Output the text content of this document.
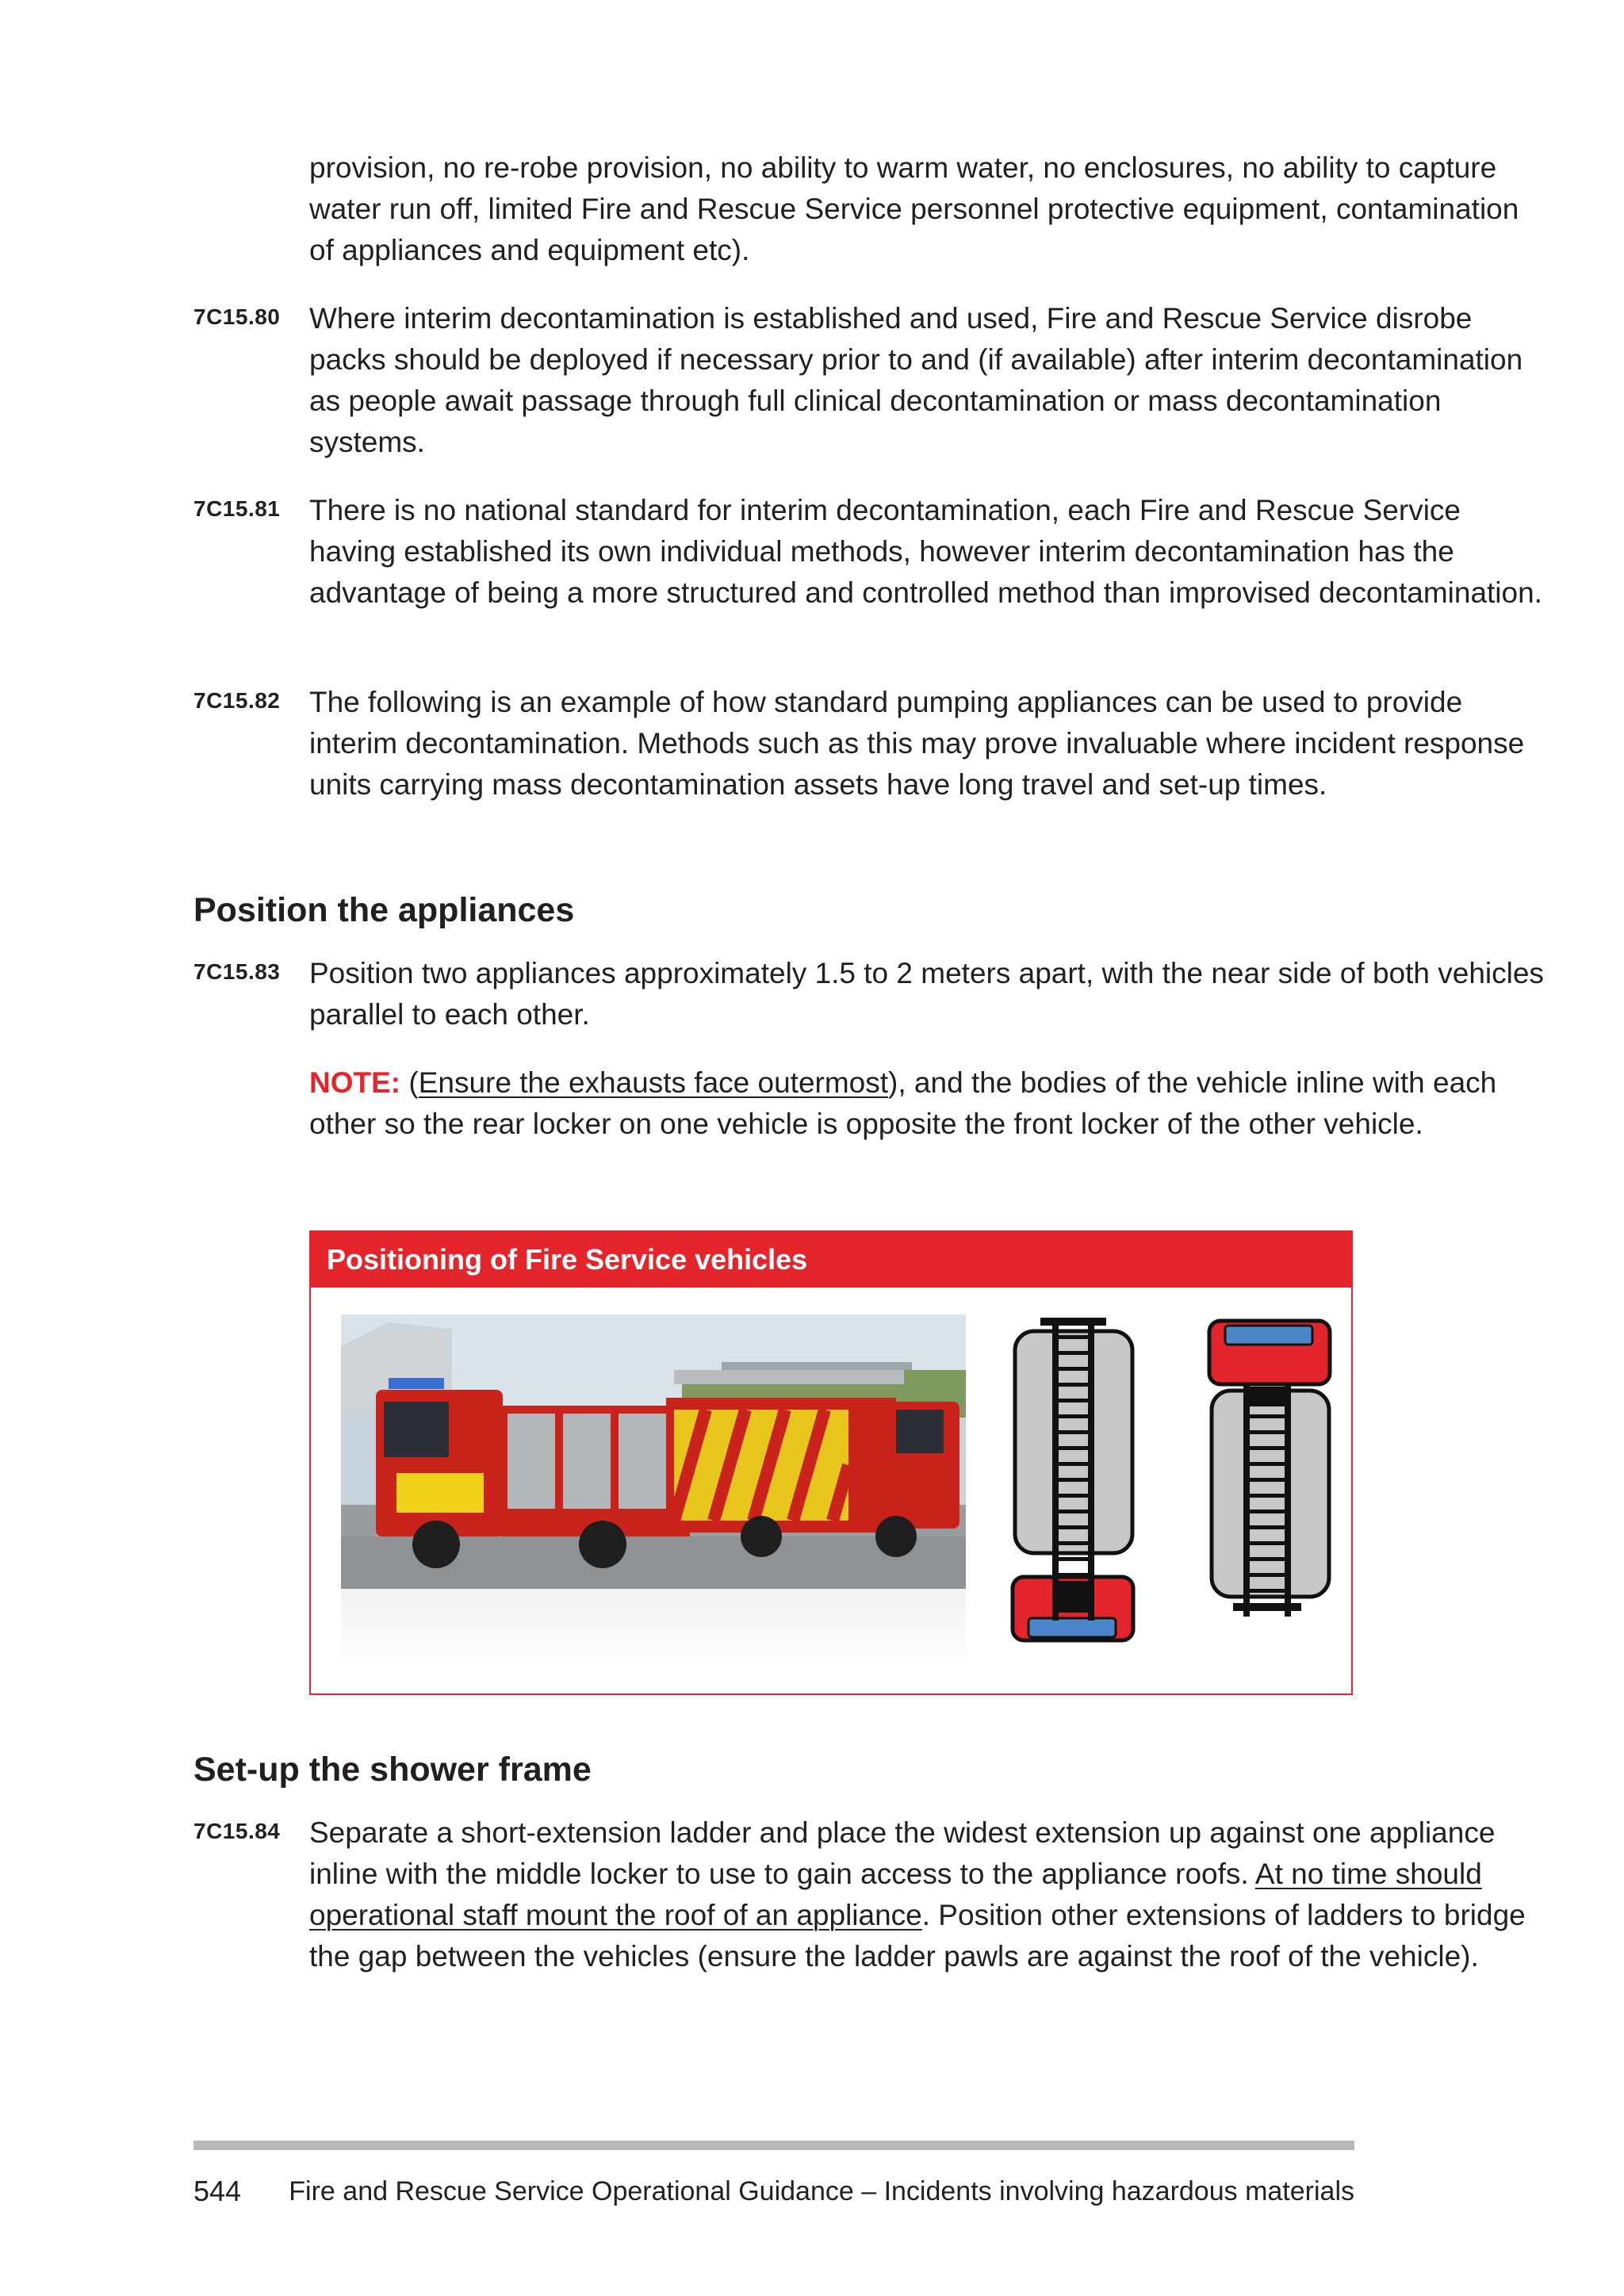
provision, no re-robe provision, no ability to warm water, no enclosures, no ability to capture water run off, limited Fire and Rescue Service personnel protective equipment, contamination of appliances and equipment etc).
7C15.80 Where interim decontamination is established and used, Fire and Rescue Service disrobe packs should be deployed if necessary prior to and (if available) after interim decontamination as people await passage through full clinical decontamination or mass decontamination systems.
7C15.81 There is no national standard for interim decontamination, each Fire and Rescue Service having established its own individual methods, however interim decontamination has the advantage of being a more structured and controlled method than improvised decontamination.
7C15.82 The following is an example of how standard pumping appliances can be used to provide interim decontamination. Methods such as this may prove invaluable where incident response units carrying mass decontamination assets have long travel and set-up times.
Position the appliances
7C15.83 Position two appliances approximately 1.5 to 2 meters apart, with the near side of both vehicles parallel to each other.
NOTE: (Ensure the exhausts face outermost), and the bodies of the vehicle inline with each other so the rear locker on one vehicle is opposite the front locker of the other vehicle.
Positioning of Fire Service vehicles
Set-up the shower frame
7C15.84 Separate a short-extension ladder and place the widest extension up against one appliance inline with the middle locker to use to gain access to the appliance roofs. At no time should operational staff mount the roof of an appliance. Position other extensions of ladders to bridge the gap between the vehicles (ensure the ladder pawls are against the roof of the vehicle).
544 Fire and Rescue Service Operational Guidance – Incidents involving hazardous materials
